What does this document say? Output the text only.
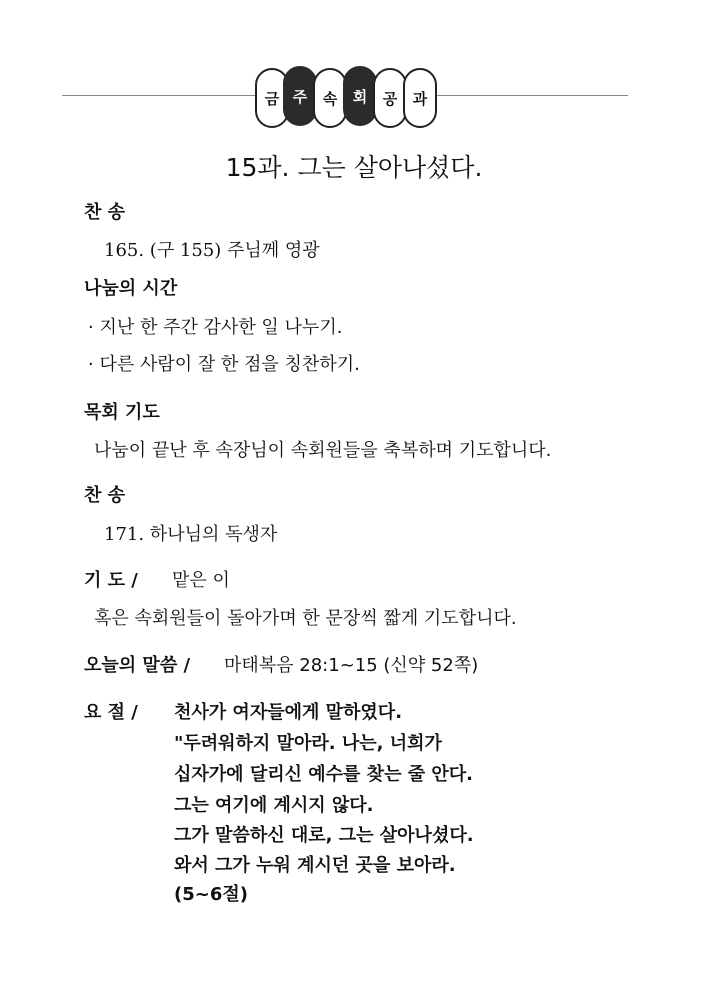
금 주	속	회	공	과
15과. 그는 살아나셨다.
찬 송
165. (구 155) 주님께 영광
나눔의 시간
· 지난 한 주간 감사한 일 나누기.
· 다른 사람이 잘 한 점을 칭찬하기.
목회 기도
나눔이 끝난 후 속장님이 속회원들을 축복하며 기도합니다.
찬 송
171. 하나님의 독생자
기 도 / 맡은 이
혹은 속회원들이 돌아가며 한 문장씩 짧게 기도합니다.
오늘의 말씀 / 마태복음 28:1~15 (신약 52쪽)
요 절 / 천사가 여자들에게 말하였다.
"두려워하지 말아라. 나는, 너희가
십자가에 달리신 예수를 찾는 줄 안다.
그는 여기에 계시지 않다.
그가 말씀하신 대로, 그는 살아나셨다.
와서 그가 누워 계시던 곳을 보아라.
(5~6절)
